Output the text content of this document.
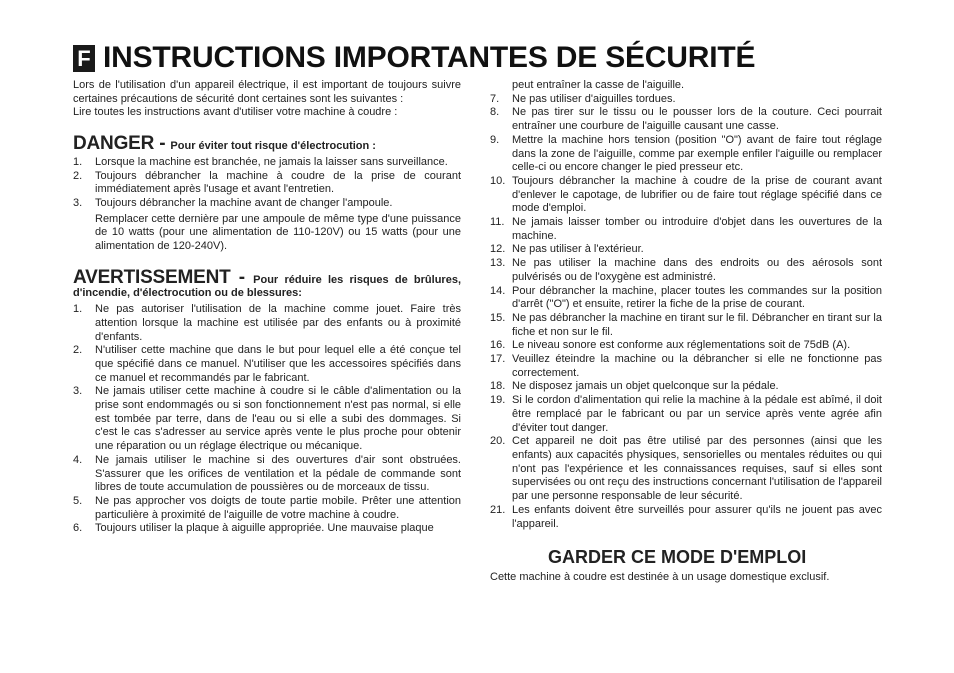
F INSTRUCTIONS IMPORTANTES DE SÉCURITÉ

Lors de l'utilisation d'un appareil électrique, il est important de toujours suivre certaines précautions de sécurité dont certaines sont les suivantes :

Lire toutes les instructions avant d'utiliser votre machine à coudre :

DANGER - Pour éviter tout risque d'électrocution :
1.	Lorsque la machine est branchée, ne jamais la laisser sans surveillance.
2.	Toujours débrancher la machine à coudre de la prise de courant immédiatement après l'usage et avant l'entretien.
3.	Toujours débrancher la machine avant de changer l'ampoule.

Remplacer cette dernière par une ampoule de même type d'une puissance de 10 watts (pour une alimentation de 110-120V) ou 15 watts (pour une alimentation de 120-240V).

AVERTISSEMENT - Pour réduire les risques de brûlures, d'incendie, d'électrocution ou de blessures:
1.	Ne pas autoriser l'utilisation de la machine comme jouet. Faire très attention lorsque la machine est utilisée par des enfants ou à proximité d'enfants.
2.	N'utiliser cette machine que dans le but pour lequel elle a été conçue tel que spécifié dans ce manuel. N'utiliser que les accessoires spécifiés dans ce manuel et recommandés par le fabricant.
3.	Ne jamais utiliser cette machine à coudre si le câble d'alimentation ou la prise sont endommagés ou si son fonctionnement n'est pas normal, si elle est tombée par terre, dans de l'eau ou si elle a subi des dommages. Si c'est le cas s'adresser au service après vente le plus proche pour obtenir une réparation ou un réglage électrique ou mécanique.
4.	Ne jamais utiliser le machine si des ouvertures d'air sont obstruées. S'assurer que les orifices de ventilation et la pédale de commande sont libres de toute accumulation de poussières ou de morceaux de tissu.
5.	Ne pas approcher vos doigts de toute partie mobile. Prêter une attention particulière à proximité de l'aiguille de votre machine à coudre.
6.	Toujours utiliser la plaque à aiguille appropriée. Une mauvaise plaque

peut entraîner la casse de l'aiguille.

7.	Ne pas utiliser d'aiguilles tordues.
8.	Ne pas tirer sur le tissu ou le pousser lors de la couture. Ceci pourrait entraîner une courbure de l'aiguille causant une casse.
9.	Mettre la machine hors tension (position "O") avant de faire tout réglage dans la zone de l'aiguille, comme par exemple enfiler l'aiguille ou remplacer celle-ci ou encore changer le pied presseur etc.
10. Toujours débrancher la machine à coudre de la prise de courant avant d'enlever le capotage, de lubrifier ou de faire tout réglage spécifié dans ce mode d'emploi.
11. Ne jamais laisser tomber ou introduire d'objet dans les ouvertures de la machine.
12. Ne pas utiliser à l'extérieur.
13. Ne pas utiliser la machine dans des endroits ou des aérosols sont pulvérisés ou de l'oxygène est administré.
14. Pour débrancher la machine, placer toutes les commandes sur la position d'arrêt ("O") et ensuite, retirer la fiche de la prise de courant.
15. Ne pas débrancher la machine en tirant sur le fil. Débrancher en tirant sur la fiche et non sur le fil.
16. Le niveau sonore est conforme aux réglementations soit de 75dB (A).
17. Veuillez éteindre la machine ou la débrancher si elle ne fonctionne pas correctement.
18. Ne disposez jamais un objet quelconque sur la pédale.
19. Si le cordon d'alimentation qui relie la machine à la pédale est abîmé, il doit être remplacé par le fabricant ou par un service après vente agrée afin d'éviter tout danger.
20. Cet appareil ne doit pas être utilisé par des personnes (ainsi que les enfants) aux capacités physiques, sensorielles ou mentales réduites ou qui n'ont pas l'expérience et les connaissances requises, sauf si elles sont supervisées ou ont reçu des instructions concernant l'utilisation de l'appareil par une personne responsable de leur sécurité.
21. Les enfants doivent être surveillés pour assurer qu'ils ne jouent pas avec l'appareil.
GARDER CE MODE D'EMPLOI

Cette machine à coudre est destinée à un usage domestique exclusif.
